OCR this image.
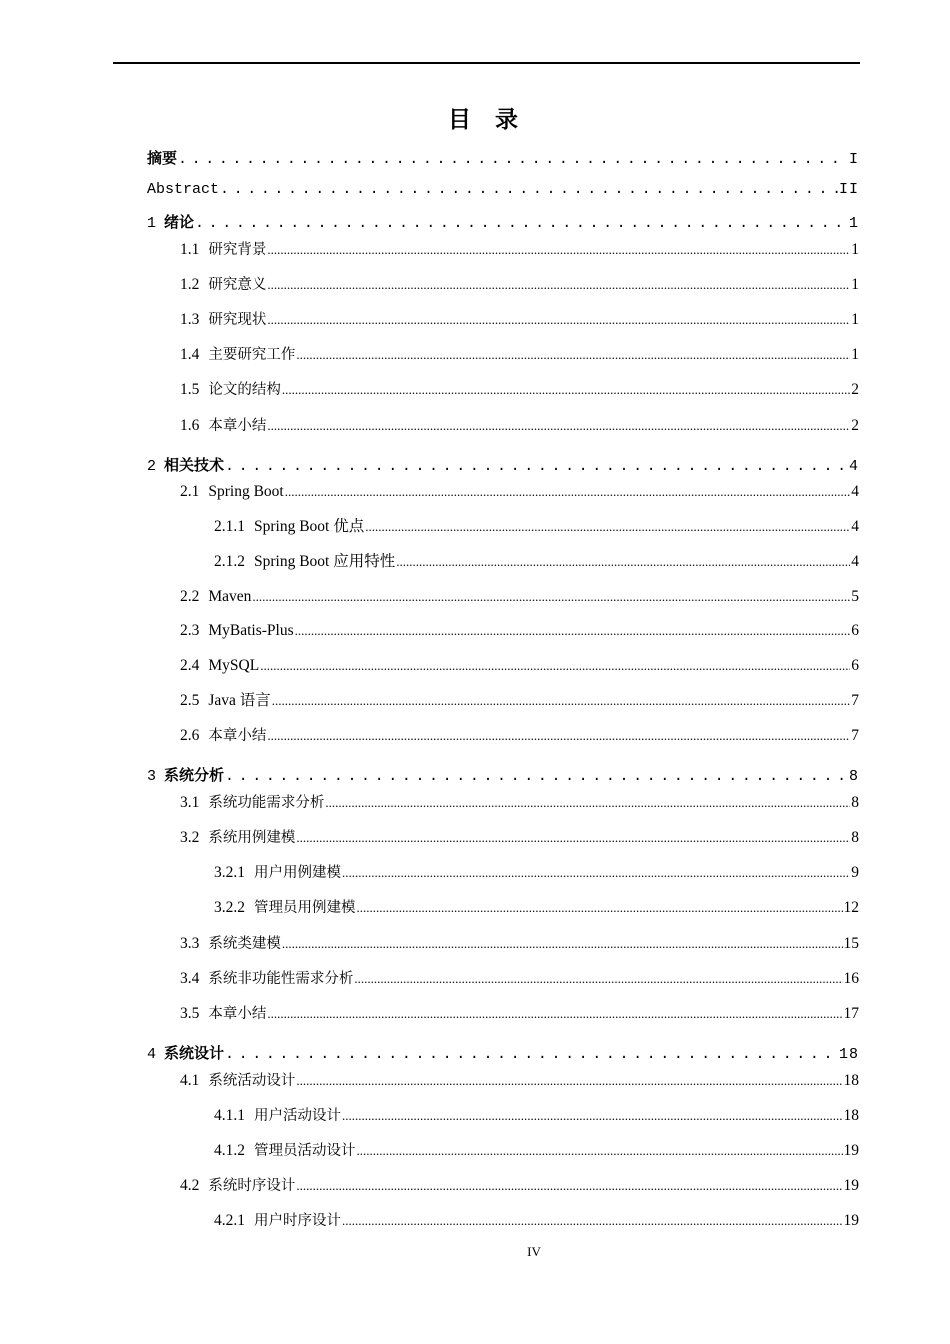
目 录
摘要 .....	I
Abstract .....	II
1 绪论 .....	1
1.1 研究背景 .....	1
1.2 研究意义 .....	1
1.3 研究现状 .....	1
1.4 主要研究工作 .....	1
1.5 论文的结构 .....	2
1.6 本章小结 .....	2
2 相关技术 .....	4
2.1 Spring Boot .....	4
2.1.1 Spring Boot 优点 .....	4
2.1.2 Spring Boot 应用特性 .....	4
2.2 Maven .....	5
2.3 MyBatis-Plus .....	6
2.4 MySQL .....	6
2.5 Java 语言 .....	7
2.6 本章小结 .....	7
3 系统分析 .....	8
3.1 系统功能需求分析 .....	8
3.2 系统用例建模 .....	8
3.2.1 用户用例建模 .....	9
3.2.2 管理员用例建模 .....	12
3.3 系统类建模 .....	15
3.4 系统非功能性需求分析 .....	16
3.5 本章小结 .....	17
4 系统设计 .....	18
4.1 系统活动设计 .....	18
4.1.1 用户活动设计 .....	18
4.1.2 管理员活动设计 .....	19
4.2 系统时序设计 .....	19
4.2.1 用户时序设计 .....	19
IV
